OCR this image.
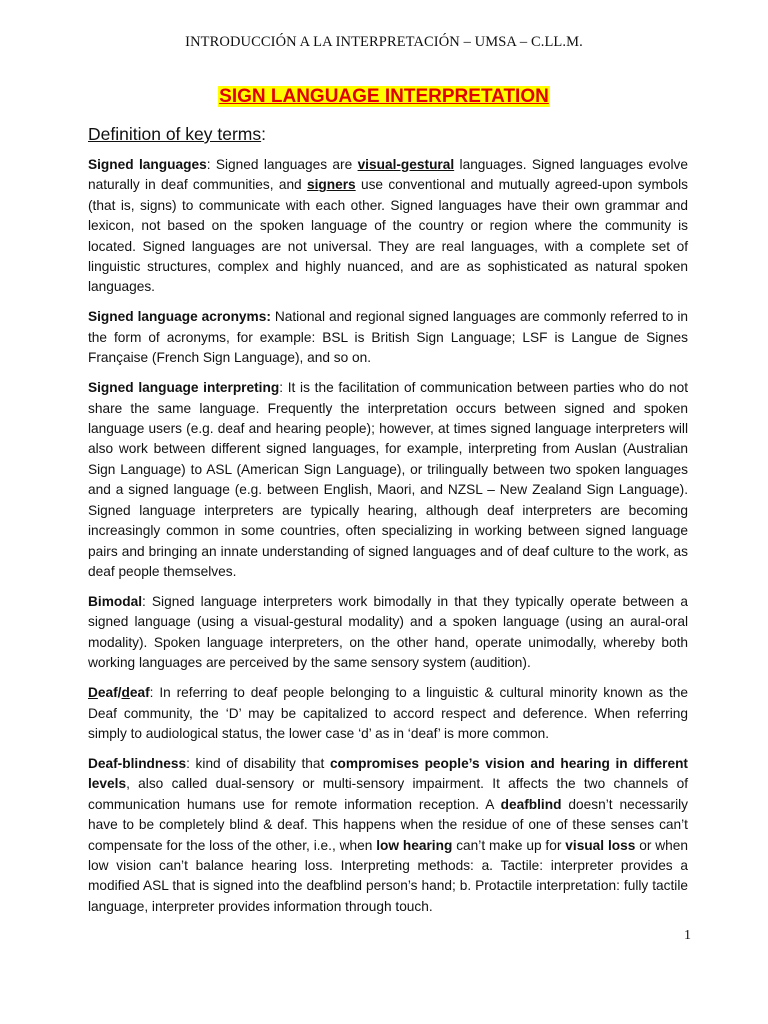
INTRODUCCIÓN A LA INTERPRETACIÓN – UMSA – C.LL.M.
SIGN LANGUAGE INTERPRETATION
Definition of key terms:

Signed languages: Signed languages are visual-gestural languages. Signed languages evolve naturally in deaf communities, and signers use conventional and mutually agreed-upon symbols (that is, signs) to communicate with each other. Signed languages have their own grammar and lexicon, not based on the spoken language of the country or region where the community is located. Signed languages are not universal. They are real languages, with a complete set of linguistic structures, complex and highly nuanced, and are as sophisticated as natural spoken languages.

Signed language acronyms: National and regional signed languages are commonly referred to in the form of acronyms, for example: BSL is British Sign Language; LSF is Langue de Signes Française (French Sign Language), and so on.

Signed language interpreting: It is the facilitation of communication between parties who do not share the same language. Frequently the interpretation occurs between signed and spoken language users (e.g. deaf and hearing people); however, at times signed language interpreters will also work between different signed languages, for example, interpreting from Auslan (Australian Sign Language) to ASL (American Sign Language), or trilingually between two spoken languages and a signed language (e.g. between English, Maori, and NZSL – New Zealand Sign Language). Signed language interpreters are typically hearing, although deaf interpreters are becoming increasingly common in some countries, often specializing in working between signed language pairs and bringing an innate understanding of signed languages and of deaf culture to the work, as deaf people themselves.

Bimodal: Signed language interpreters work bimodally in that they typically operate between a signed language (using a visual-gestural modality) and a spoken language (using an aural-oral modality). Spoken language interpreters, on the other hand, operate unimodally, whereby both working languages are perceived by the same sensory system (audition).

Deaf/deaf: In referring to deaf people belonging to a linguistic & cultural minority known as the Deaf community, the ‘D’ may be capitalized to accord respect and deference. When referring simply to audiological status, the lower case ‘d’ as in ‘deaf’ is more common.

Deaf-blindness: kind of disability that compromises people’s vision and hearing in different levels, also called dual-sensory or multi-sensory impairment. It affects the two channels of communication humans use for remote information reception. A deafblind doesn’t necessarily have to be completely blind & deaf. This happens when the residue of one of these senses can’t compensate for the loss of the other, i.e., when low hearing can’t make up for visual loss or when low vision can’t balance hearing loss. Interpreting methods: a. Tactile: interpreter provides a modified ASL that is signed into the deafblind person’s hand; b. Protactile interpretation: fully tactile language, interpreter provides information through touch.

1
